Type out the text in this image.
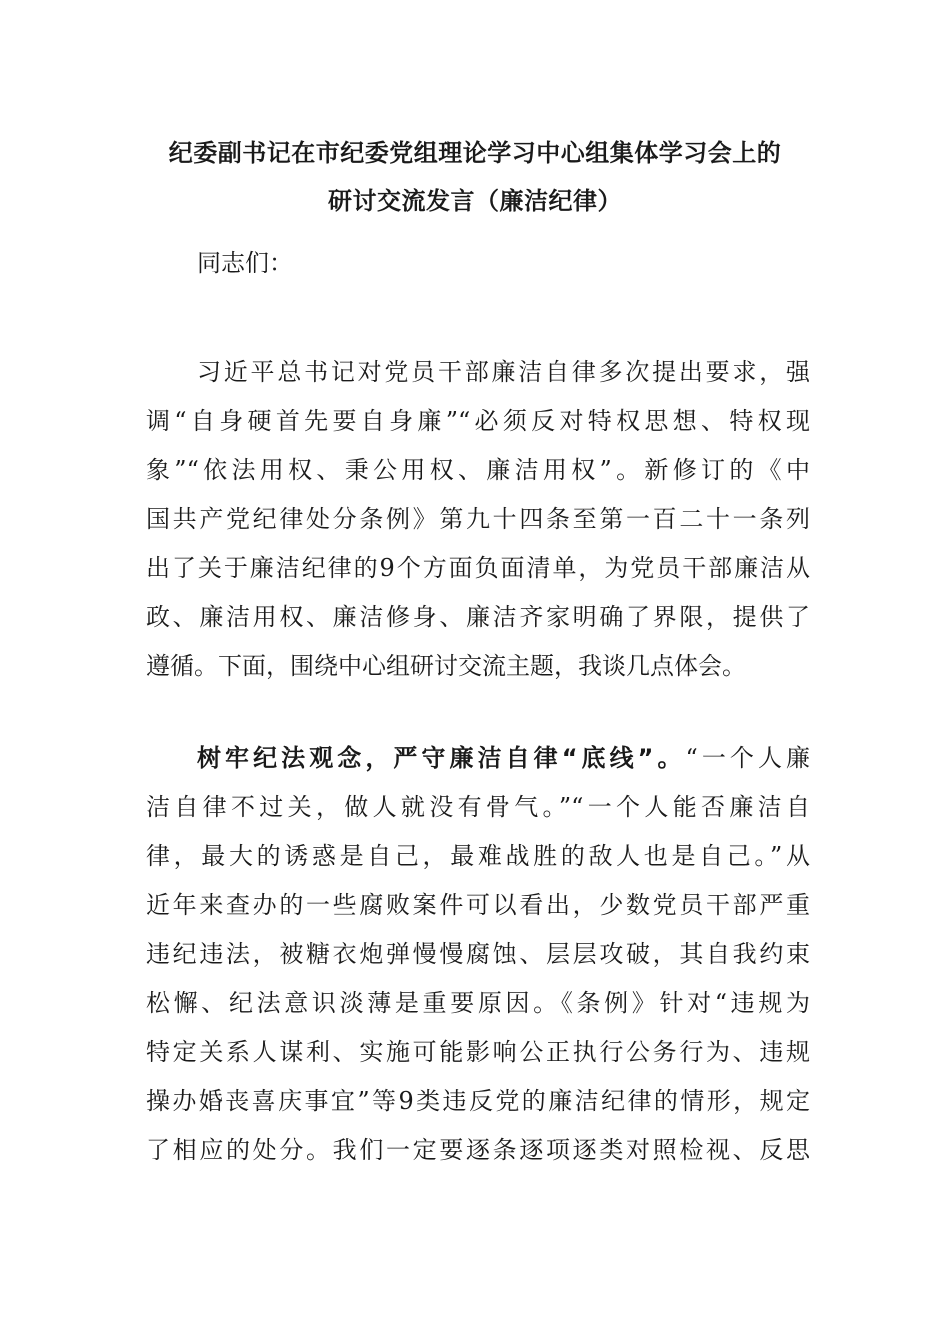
纪委副书记在市纪委党组理论学习中心组集体学习会上的
研讨交流发言（廉洁纪律）

同志们：

习近平总书记对党员干部廉洁自律多次提出要求，强
调“自身硬首先要自身廉”“必须反对特权思想、特权现
象”“依法用权、秉公用权、廉洁用权”。新修订的《中
国共产党纪律处分条例》第九十四条至第一百二十一条列
出了关于廉洁纪律的9个方面负面清单，为党员干部廉洁从
政、廉洁用权、廉洁修身、廉洁齐家明确了界限，提供了
遵循。下面，围绕中心组研讨交流主题，我谈几点体会。
树牢纪法观念，严守廉洁自律“底线”。“一个人廉
洁自律不过关，做人就没有骨气。”“一个人能否廉洁自
律，最大的诱惑是自己，最难战胜的敌人也是自己。”从
近年来查办的一些腐败案件可以看出，少数党员干部严重
违纪违法，被糖衣炮弹慢慢腐蚀、层层攻破，其自我约束
松懈、纪法意识淡薄是重要原因。《条例》针对“违规为
特定关系人谋利、实施可能影响公正执行公务行为、违规
操办婚丧喜庆事宜”等9类违反党的廉洁纪律的情形，规定
了相应的处分。我们一定要逐条逐项逐类对照检视、反思
